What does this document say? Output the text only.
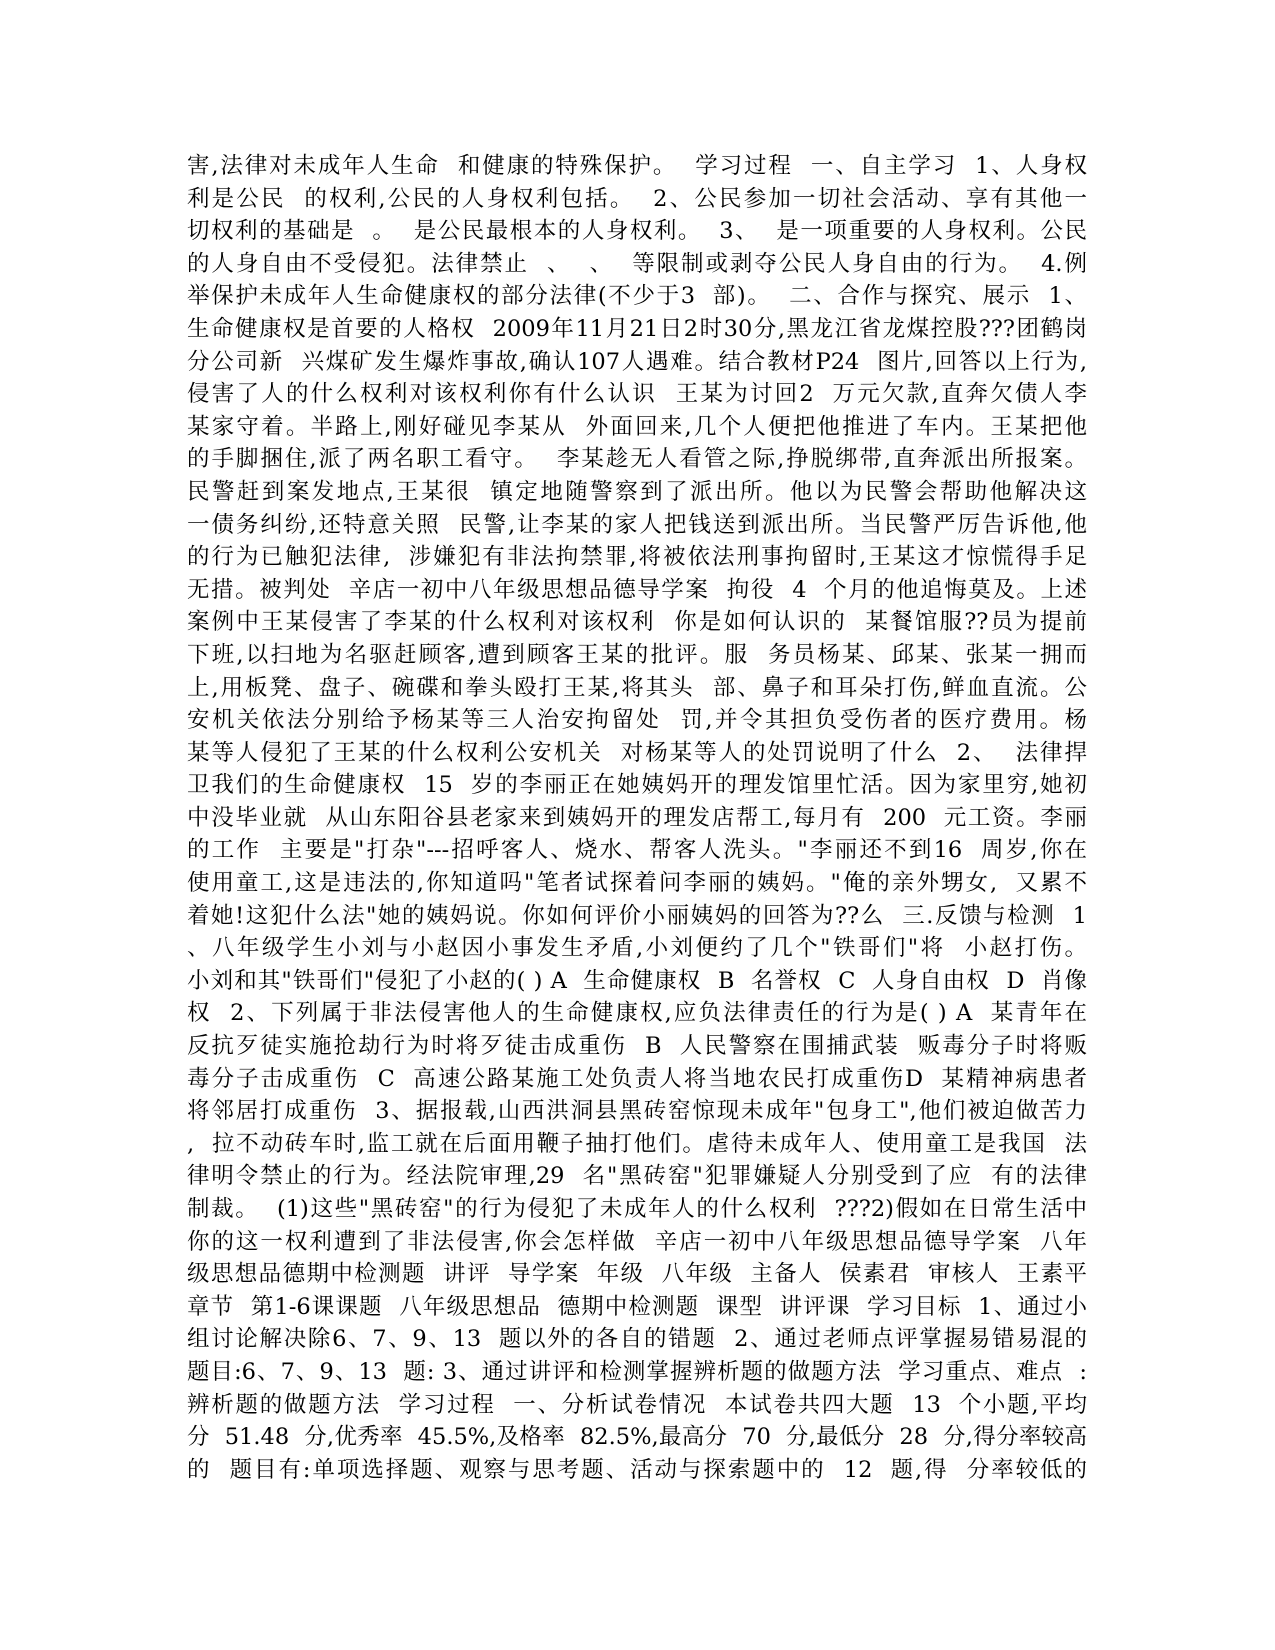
害,法律对未成年人生命  和健康的特殊保护。  学习过程  一、自主学习  1、人身权
利是公民  的权利,公民的人身权利包括。  2、公民参加一切社会活动、享有其他一
切权利的基础是  。  是公民最根本的人身权利。  3、  是一项重要的人身权利。公民
的人身自由不受侵犯。法律禁止  、  、  等限制或剥夺公民人身自由的行为。  4.例
举保护未成年人生命健康权的部分法律(不少于3  部)。  二、合作与探究、展示  1、
生命健康权是首要的人格权  2009年11月21日2时30分,黑龙江省龙煤控股???团鹤岗
分公司新  兴煤矿发生爆炸事故,确认107人遇难。结合教材P24  图片,回答以上行为,
侵害了人的什么权利对该权利你有什么认识  王某为讨回2  万元欠款,直奔欠债人李
某家守着。半路上,刚好碰见李某从  外面回来,几个人便把他推进了车内。王某把他
的手脚捆住,派了两名职工看守。  李某趁无人看管之际,挣脱绑带,直奔派出所报案。
民警赶到案发地点,王某很  镇定地随警察到了派出所。他以为民警会帮助他解决这
一债务纠纷,还特意关照  民警,让李某的家人把钱送到派出所。当民警严厉告诉他,他
的行为已触犯法律,  涉嫌犯有非法拘禁罪,将被依法刑事拘留时,王某这才惊慌得手足
无措。被判处  辛店一初中八年级思想品德导学案  拘役  4  个月的他追悔莫及。上述
案例中王某侵害了李某的什么权利对该权利  你是如何认识的  某餐馆服??员为提前
下班,以扫地为名驱赶顾客,遭到顾客王某的批评。服  务员杨某、邱某、张某一拥而
上,用板凳、盘子、碗碟和拳头殴打王某,将其头  部、鼻子和耳朵打伤,鲜血直流。公
安机关依法分别给予杨某等三人治安拘留处  罚,并令其担负受伤者的医疗费用。杨
某等人侵犯了王某的什么权利公安机关  对杨某等人的处罚说明了什么  2、  法律捍
卫我们的生命健康权  15  岁的李丽正在她姨妈开的理发馆里忙活。因为家里穷,她初
中没毕业就  从山东阳谷县老家来到姨妈开的理发店帮工,每月有  200  元工资。李丽
的工作  主要是"打杂"---招呼客人、烧水、帮客人洗头。"李丽还不到16  周岁,你在
使用童工,这是违法的,你知道吗"笔者试探着问李丽的姨妈。"俺的亲外甥女,  又累不
着她!这犯什么法"她的姨妈说。你如何评价小丽姨妈的回答为??么  三.反馈与检测  1
、八年级学生小刘与小赵因小事发生矛盾,小刘便约了几个"铁哥们"将  小赵打伤。
小刘和其"铁哥们"侵犯了小赵的( ) A  生命健康权  B  名誉权  C  人身自由权  D  肖像
权  2、下列属于非法侵害他人的生命健康权,应负法律责任的行为是( ) A  某青年在
反抗歹徒实施抢劫行为时将歹徒击成重伤  B  人民警察在围捕武装  贩毒分子时将贩
毒分子击成重伤  C  高速公路某施工处负责人将当地农民打成重伤D  某精神病患者
将邻居打成重伤  3、据报载,山西洪洞县黑砖窑惊现未成年"包身工",他们被迫做苦力
,  拉不动砖车时,监工就在后面用鞭子抽打他们。虐待未成年人、使用童工是我国  法
律明令禁止的行为。经法院审理,29  名"黑砖窑"犯罪嫌疑人分别受到了应  有的法律
制裁。  (1)这些"黑砖窑"的行为侵犯了未成年人的什么权利  ???2)假如在日常生活中
你的这一权利遭到了非法侵害,你会怎样做  辛店一初中八年级思想品德导学案  八年
级思想品德期中检测题  讲评  导学案  年级  八年级  主备人  侯素君  审核人  王素平
章节  第1-6课课题  八年级思想品  德期中检测题  课型  讲评课  学习目标  1、通过小
组讨论解决除6、7、9、13  题以外的各自的错题  2、通过老师点评掌握易错易混的
题目:6、7、9、13  题: 3、通过讲评和检测掌握辨析题的做题方法  学习重点、难点  :
辨析题的做题方法  学习过程  一、分析试卷情况  本试卷共四大题  13  个小题,平均
分  51.48  分,优秀率  45.5%,及格率  82.5%,最高分  70  分,最低分  28  分,得分率较高
的  题目有:单项选择题、观察与思考题、活动与探索题中的  12  题,得  分率较低的
